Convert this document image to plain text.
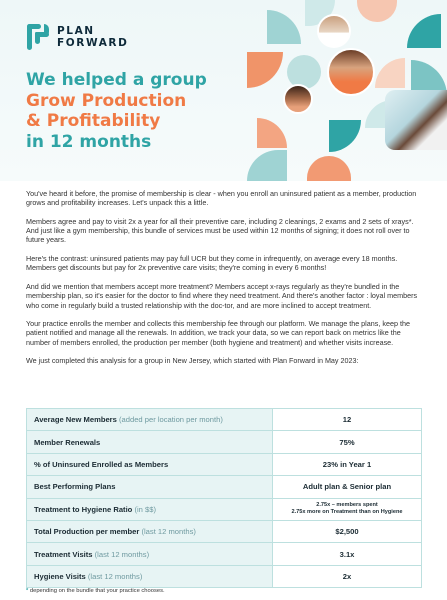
PLAN
FORWARD
We helped a group
Grow Production
& Profitability
in 12 months

You've heard it before, the promise of membership is clear - when you enroll an uninsured patient as a member, production grows and profitability increases. Let's unpack this a little.

Members agree and pay to visit 2x a year for all their preventive care, including 2 cleanings, 2 exams and 2 sets of xrays*. And just like a gym membership, this bundle of services must be used within 12 months of signing; it does not roll over to future years.

Here's the contrast: uninsured patients may pay full UCR but they come in infrequently, on average every 18 months. Members get discounts but pay for 2x preventive care visits; they're coming in every 6 months!

And did we mention that members accept more treatment? Members accept x-rays regularly as they're bundled in the membership plan, so it's easier for the doctor to find where they need treatment. And there's another factor : loyal members who come in regularly build a trusted relationship with the doc-tor, and are more inclined to accept treatment.

Your practice enrolls the member and collects this membership fee through our platform. We manage the plans, keep the patient notified and manage all the renewals. In addition, we track your data, so we can report back on metrics like the number of members enrolled, the production per member (both hygiene and treatment) and whether visits increase.

We just completed this analysis for a group in New Jersey, which started with Plan Forward in May 2023:

Average New Members (added per location per month)	12
Member Renewals	75%
% of Uninsured Enrolled as Members	23% in Year 1
Best Performing Plans	Adult plan & Senior plan
Treatment to Hygiene Ratio (in $$)	2.75x – members spent
2.75x more on Treatment than on Hygiene

Total Production per member (last 12 months)	$2,500
Treatment Visits (last 12 months)	3.1x
Hygiene Visits (last 12 months)	2x
* depending on the bundle that your practice chooses.
